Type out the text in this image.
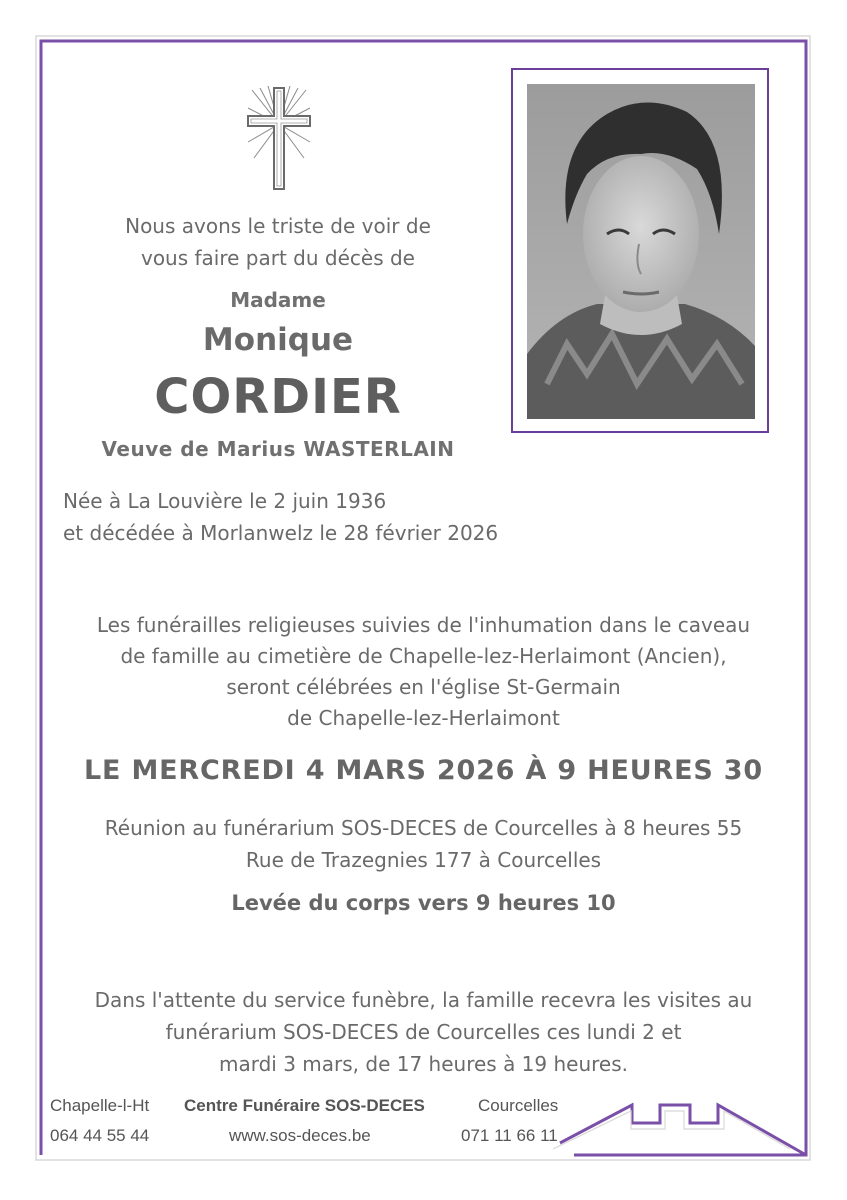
Nous avons le triste de voir de
vous faire part du décès de
Madame
Monique
CORDIER
Veuve de Marius WASTERLAIN
Née à La Louvière le 2 juin 1936
et décédée à Morlanwelz le 28 février 2026
Les funérailles religieuses suivies de l'inhumation dans le caveau
de famille au cimetière de Chapelle-lez-Herlaimont (Ancien),
seront célébrées en l'église St-Germain
de Chapelle-lez-Herlaimont
LE MERCREDI 4 MARS 2026 À 9 HEURES 30
Réunion au funérarium SOS-DECES de Courcelles à 8 heures 55
Rue de Trazegnies 177 à Courcelles
Levée du corps vers 9 heures 10
Dans l'attente du service funèbre, la famille recevra les visites au
funérarium SOS-DECES de Courcelles ces lundi 2 et
mardi 3 mars, de 17 heures à 19 heures.
Chapelle-l-Ht
064 44 55 44
Centre Funéraire SOS-DECES
www.sos-deces.be
Courcelles
071 11 66 11
